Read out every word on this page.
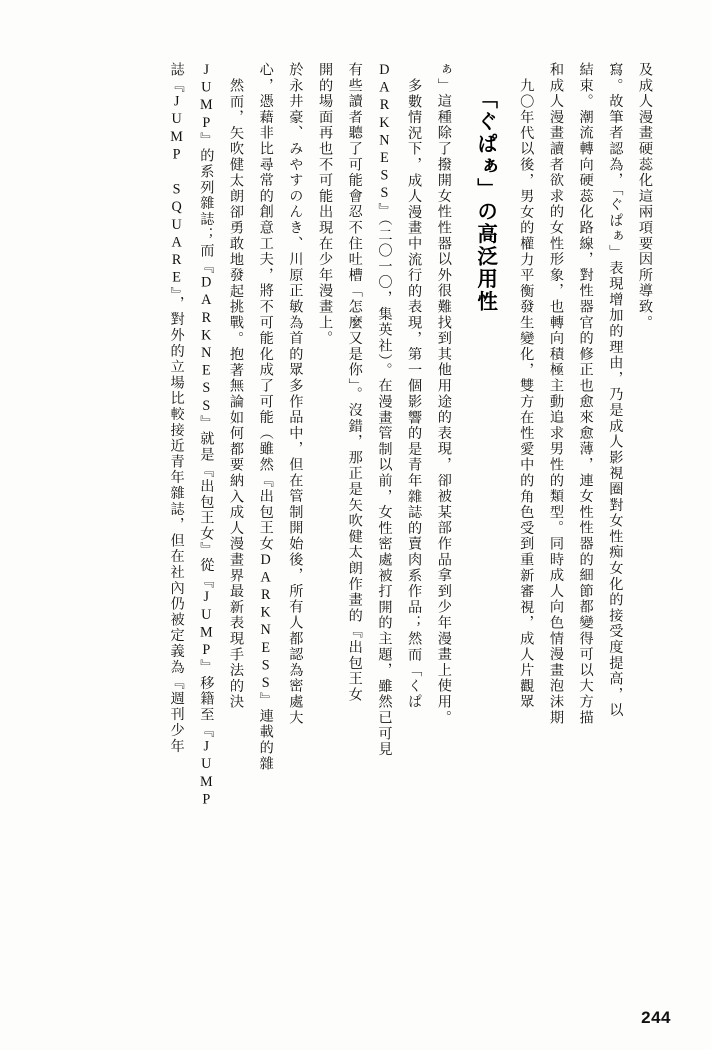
及成人漫畫硬蕊化這兩項要因所導致。
寫。故筆者認為，「ぐぱぁ」表現增加的理由，乃是成人影視圈對女性痴女化的接受度提高，以
結束。潮流轉向硬蕊化路線，對性器官的修正也愈來愈薄，連女性性器的細節都變得可以大方描
和成人漫畫讀者欲求的女性形象，也轉向積極主動追求男性的類型。同時成人向色情漫畫泡沫期
九〇年代以後，男女的權力平衡發生變化，雙方在性愛中的角色受到重新審視，成人片觀眾
「ぐぱぁ」の高泛用性
ぁ」這種除了撥開女性性器以外很難找到其他用途的表現，卻被某部作品拿到少年漫畫上使用。
多數情況下，成人漫畫中流行的表現，第一個影響的是青年雜誌的賣肉系作品；然而「くぱ
DARKNESS』（二〇一〇，集英社）。在漫畫管制以前，女性密處被打開的主題，雖然已可見
有些讀者聽了可能會忍不住吐槽「怎麼又是你」。沒錯，那正是矢吹健太朗作畫的『出包王女
開的場面再也不可能出現在少年漫畫上。
於永井豪、みやすのんき、川原正敏為首的眾多作品中，但在管制開始後，所有人都認為密處大
心，憑藉非比尋常的創意工夫，將不可能化成了可能（雖然『出包王女DARKNESS』連載的雜
然而，矢吹健太朗卻勇敢地發起挑戰。抱著無論如何都要納入成人漫畫界最新表現手法的決
JUMP』的系列雜誌；而『DARKNESS』就是『出包王女』從『JUMP』移籍至『JUMP
誌『JUMP SQUARE』，對外的立場比較接近青年雜誌，但在社內仍被定義為『週刊少年
244
